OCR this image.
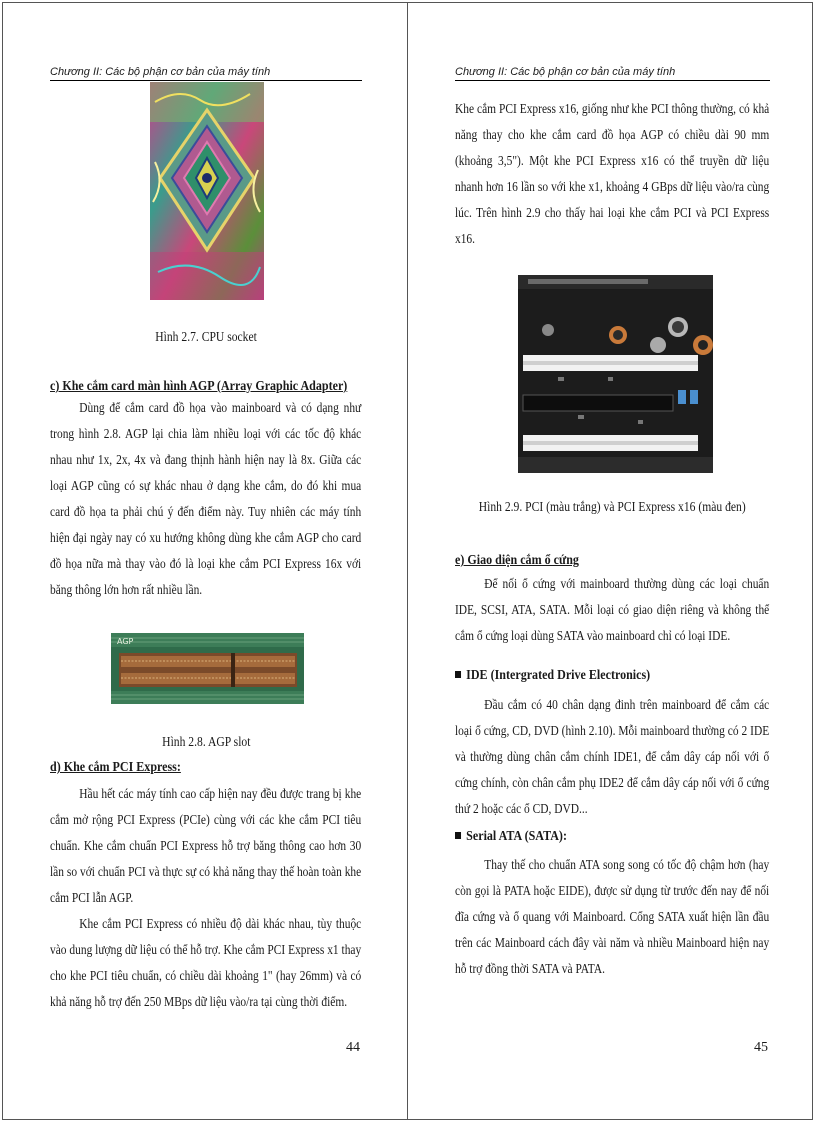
Chương II: Các bộ phận cơ bản của máy tính
Hình 2.7. CPU socket
c) Khe cắm card màn hình AGP (Array Graphic Adapter)

Dùng để cắm card đồ họa vào mainboard và có dạng như trong hình 2.8. AGP lại chia làm nhiều loại với các tốc độ khác nhau như 1x, 2x, 4x và đang thịnh hành hiện nay là 8x. Giữa các loại AGP cũng có sự khác nhau ở dạng khe cắm, do đó khi mua card đồ họa ta phải chú ý đến điểm này. Tuy nhiên các máy tính hiện đại ngày nay có xu hướng không dùng khe cắm AGP cho card đồ họa nữa mà thay vào đó là loại khe cắm PCI Express 16x với băng thông lớn hơn rất nhiều lần.

AGP
Hình 2.8. AGP slot
d) Khe cắm PCI Express:

Hầu hết các máy tính cao cấp hiện nay đều được trang bị khe cắm mở rộng PCI Express (PCIe) cùng với các khe cắm PCI tiêu chuẩn. Khe cắm chuẩn PCI Express hỗ trợ băng thông cao hơn 30 lần so với chuẩn PCI và thực sự có khả năng thay thế hoàn toàn khe cắm PCI lẫn AGP.

Khe cắm PCI Express có nhiều độ dài khác nhau, tùy thuộc vào dung lượng dữ liệu có thể hỗ trợ. Khe cắm PCI Express x1 thay cho khe PCI tiêu chuẩn, có chiều dài khoảng 1" (hay 26mm) và có khả năng hỗ trợ đến 250 MBps dữ liệu vào/ra tại cùng thời điểm.

44
Chương II: Các bộ phận cơ bản của máy tính

Khe cắm PCI Express x16, giống như khe PCI thông thường, có khả năng thay cho khe cắm card đồ họa AGP có chiều dài 90 mm (khoảng 3,5"). Một khe PCI Express x16 có thể truyền dữ liệu nhanh hơn 16 lần so với khe x1, khoảng 4 GBps dữ liệu vào/ra cùng lúc. Trên hình 2.9 cho thấy hai loại khe cắm PCI và PCI Express x16.

Hình 2.9. PCI (màu trắng) và PCI Express x16 (màu đen)
e) Giao diện cắm ổ cứng

Để nối ổ cứng với mainboard thường dùng các loại chuẩn IDE, SCSI, ATA, SATA. Mỗi loại có giao diện riêng và không thể cắm ổ cứng loại dùng SATA vào mainboard chỉ có loại IDE.

IDE (Intergrated Drive Electronics)

Đầu cắm có 40 chân dạng đinh trên mainboard để cắm các loại ổ cứng, CD, DVD (hình 2.10). Mỗi mainboard thường có 2 IDE và thường dùng chân cắm chính IDE1, để cắm dây cáp nối với ổ cứng chính, còn chân cắm phụ IDE2 để cắm dây cáp nối với ổ cứng thứ 2 hoặc các ổ CD, DVD...

Serial ATA (SATA):

Thay thế cho chuẩn ATA song song có tốc độ chậm hơn (hay còn gọi là PATA hoặc EIDE), được sử dụng từ trước đến nay để nối đĩa cứng và ổ quang với Mainboard. Cổng SATA xuất hiện lần đầu trên các Mainboard cách đây vài năm và nhiều Mainboard hiện nay hỗ trợ đồng thời SATA và PATA.

45
